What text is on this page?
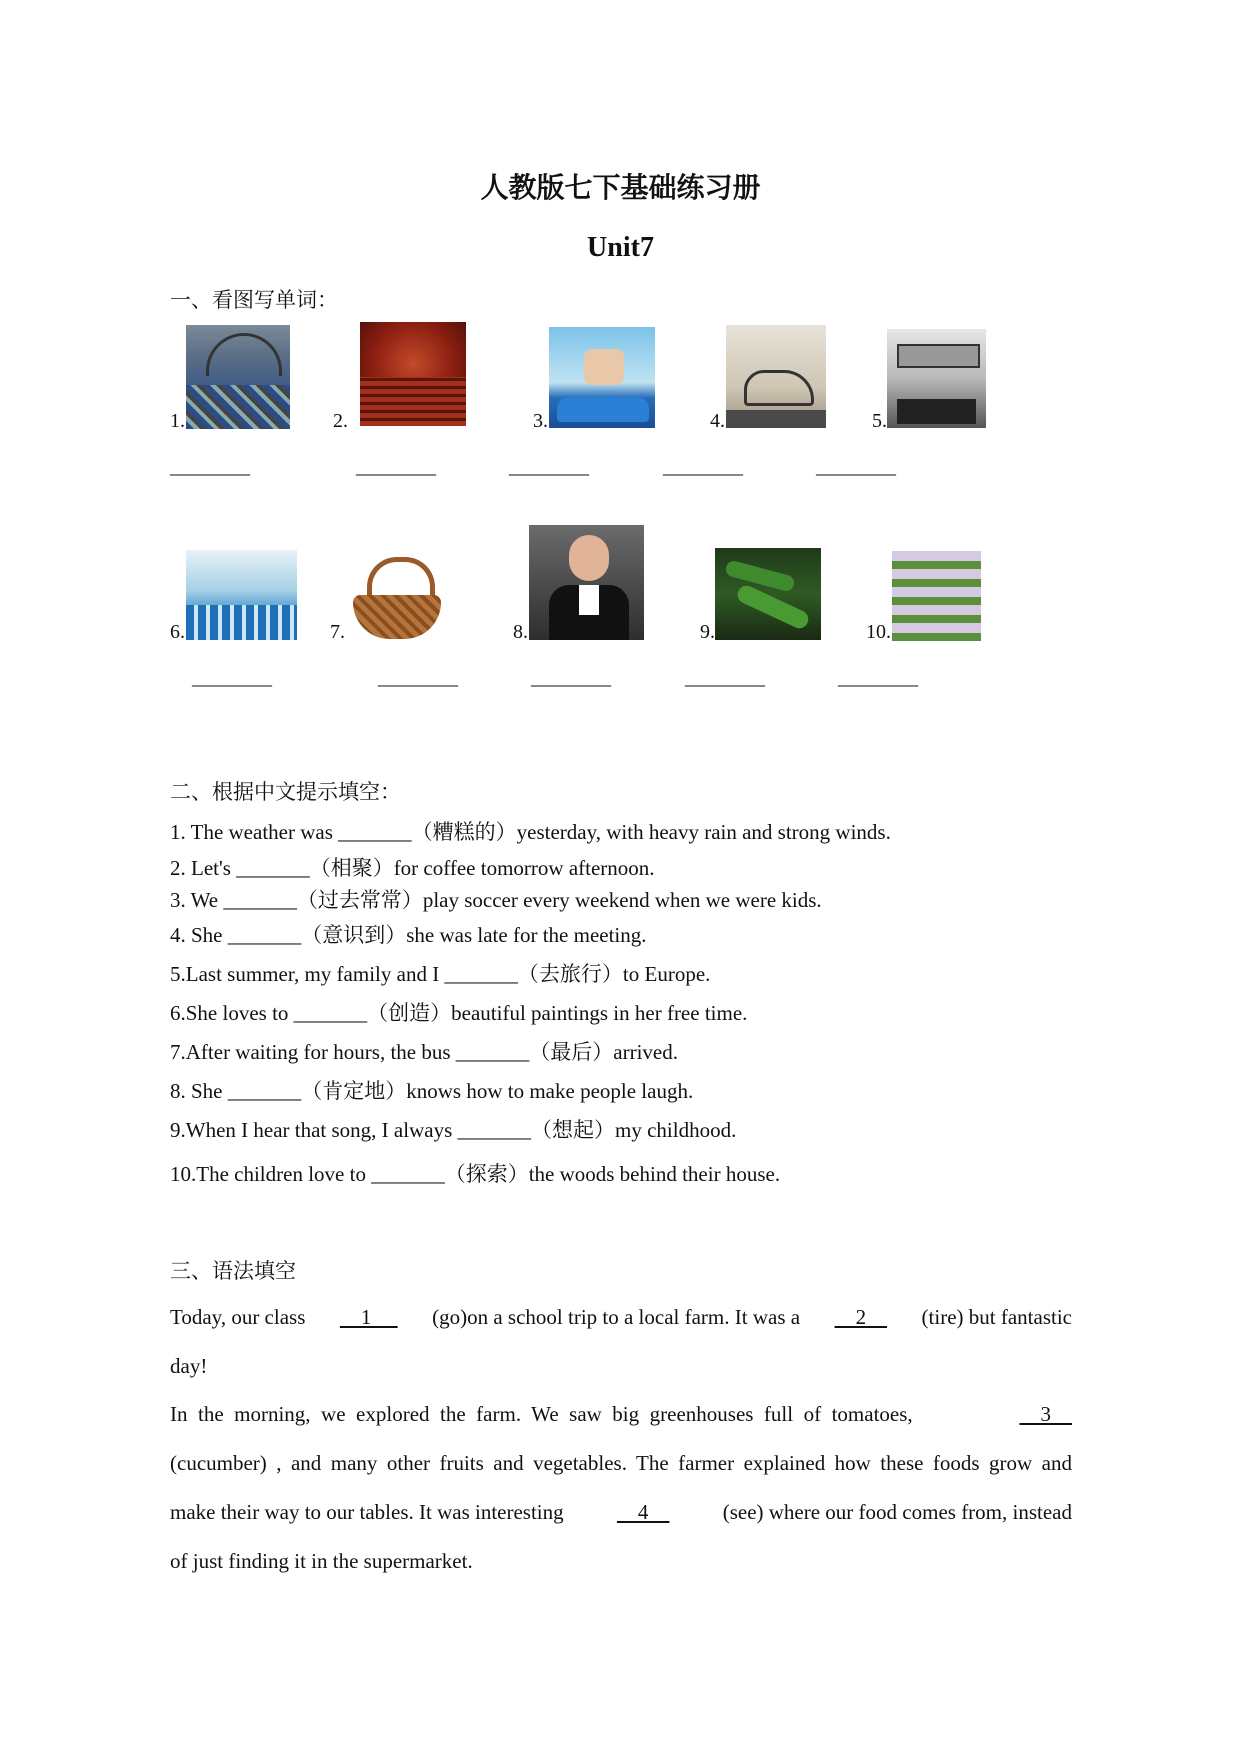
人教版七下基础练习册
Unit7
一、看图写单词：
1.	2.	3.	4.	5.
________	________	________	________	________
6.	7.	8.	9.	10.
________	________	________	________	________
二、根据中文提示填空：
1. The weather was _______（糟糕的）yesterday, with heavy rain and strong winds.
2. Let's _______（相聚）for coffee tomorrow afternoon.
3. We _______（过去常常）play soccer every weekend when we were kids.
4. She _______（意识到）she was late for the meeting.
5.Last summer, my family and I _______（去旅行）to Europe.
6.She loves to _______（创造）beautiful paintings in her free time.
7.After waiting for hours, the bus _______（最后）arrived.
8. She _______（肯定地）knows how to make people laugh.
9.When I hear that song, I always _______（想起）my childhood.
10.The children love to _______（探索）the woods behind their house.
三、语法填空
Today, our class 1 (go)on a school trip to a local farm. It was a 2 (tire) but fantastic
day!
In  the  morning,  we  explored  the  farm.  We  saw  big  greenhouses  full  of  tomatoes,	3
(cucumber) , and many other fruits and vegetables. The farmer explained how these foods grow and
make their way to our tables. It was interesting	4	(see) where our food comes from, instead
of just finding it in the supermarket.
